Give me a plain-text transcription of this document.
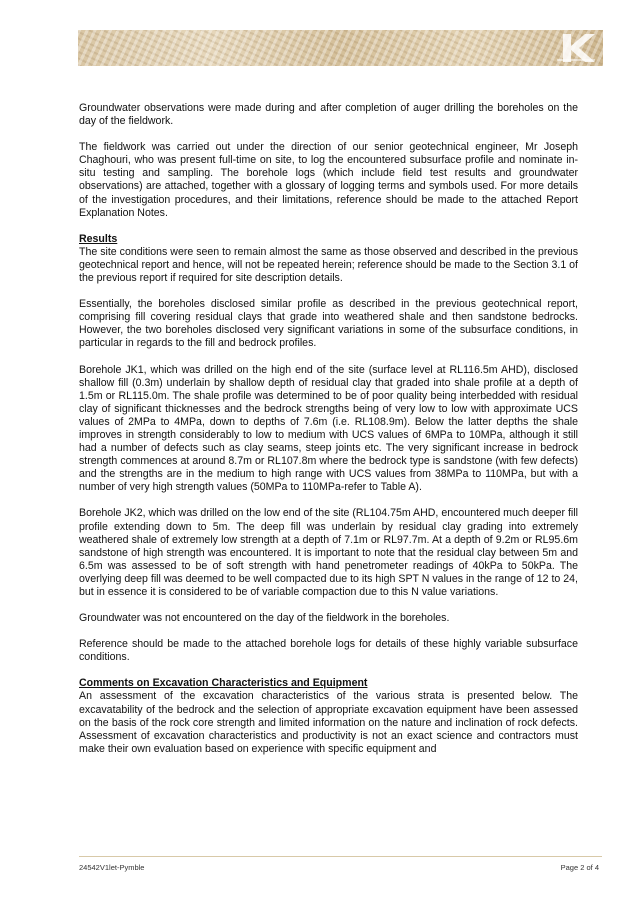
Groundwater observations were made during and after completion of auger drilling the boreholes on the day of the fieldwork.

The fieldwork was carried out under the direction of our senior geotechnical engineer, Mr Joseph Chaghouri, who was present full-time on site, to log the encountered subsurface profile and nominate in-situ testing and sampling. The borehole logs (which include field test results and groundwater observations) are attached, together with a glossary of logging terms and symbols used. For more details of the investigation procedures, and their limitations, reference should be made to the attached Report Explanation Notes.

Results

The site conditions were seen to remain almost the same as those observed and described in the previous geotechnical report and hence, will not be repeated herein; reference should be made to the Section 3.1 of the previous report if required for site description details.

Essentially, the boreholes disclosed similar profile as described in the previous geotechnical report, comprising fill covering residual clays that grade into weathered shale and then sandstone bedrocks. However, the two boreholes disclosed very significant variations in some of the subsurface conditions, in particular in regards to the fill and bedrock profiles.

Borehole JK1, which was drilled on the high end of the site (surface level at RL116.5m AHD), disclosed shallow fill (0.3m) underlain by shallow depth of residual clay that graded into shale profile at a depth of 1.5m or RL115.0m. The shale profile was determined to be of poor quality being interbedded with residual clay of significant thicknesses and the bedrock strengths being of very low to low with approximate UCS values of 2MPa to 4MPa, down to depths of 7.6m (i.e. RL108.9m). Below the latter depths the shale improves in strength considerably to low to medium with UCS values of 6MPa to 10MPa, although it still had a number of defects such as clay seams, steep joints etc. The very significant increase in bedrock strength commences at around 8.7m or RL107.8m where the bedrock type is sandstone (with few defects) and the strengths are in the medium to high range with UCS values from 38MPa to 110MPa, but with a number of very high strength values (50MPa to 110MPa-refer to Table A).

Borehole JK2, which was drilled on the low end of the site (RL104.75m AHD, encountered much deeper fill profile extending down to 5m. The deep fill was underlain by residual clay grading into extremely weathered shale of extremely low strength at a depth of 7.1m or RL97.7m. At a depth of 9.2m or RL95.6m sandstone of high strength was encountered. It is important to note that the residual clay between 5m and 6.5m was assessed to be of soft strength with hand penetrometer readings of 40kPa to 50kPa. The overlying deep fill was deemed to be well compacted due to its high SPT N values in the range of 12 to 24, but in essence it is considered to be of variable compaction due to this N value variations.

Groundwater was not encountered on the day of the fieldwork in the boreholes.

Reference should be made to the attached borehole logs for details of these highly variable subsurface conditions.

Comments on Excavation Characteristics and Equipment

An assessment of the excavation characteristics of the various strata is presented below. The excavatability of the bedrock and the selection of appropriate excavation equipment have been assessed on the basis of the rock core strength and limited information on the nature and inclination of rock defects. Assessment of excavation characteristics and productivity is not an exact science and contractors must make their own evaluation based on experience with specific equipment and

24542V1let-Pymble	Page 2 of 4
